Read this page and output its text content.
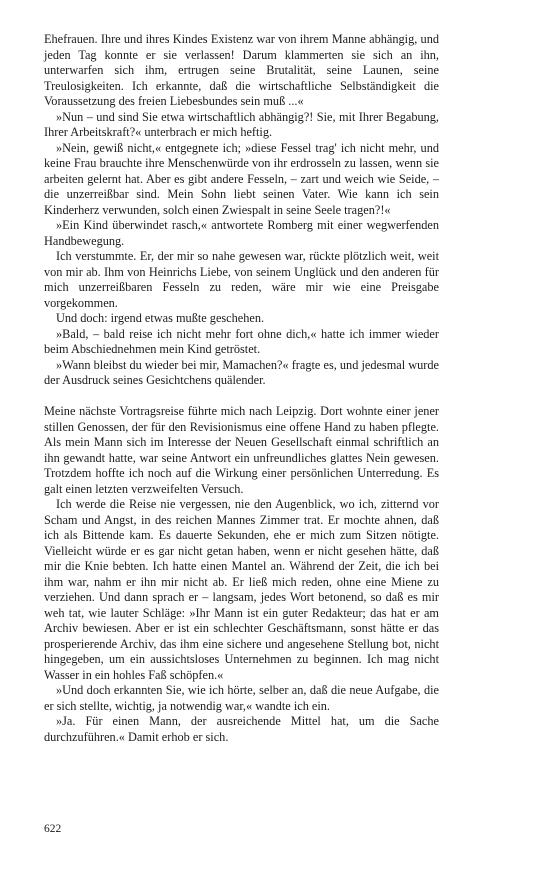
Ehefrauen. Ihre und ihres Kindes Existenz war von ihrem Manne abhängig, und jeden Tag konnte er sie verlassen! Darum klammerten sie sich an ihn, unterwarfen sich ihm, ertrugen seine Brutalität, seine Launen, seine Treulosigkeiten. Ich erkannte, daß die wirtschaftliche Selbständigkeit die Voraussetzung des freien Liebesbundes sein muß ...«

»Nun – und sind Sie etwa wirtschaftlich abhängig?! Sie, mit Ihrer Begabung, Ihrer Arbeitskraft?« unterbrach er mich heftig.

»Nein, gewiß nicht,« entgegnete ich; »diese Fessel trag' ich nicht mehr, und keine Frau brauchte ihre Menschenwürde von ihr erdrosseln zu lassen, wenn sie arbeiten gelernt hat. Aber es gibt andere Fesseln, – zart und weich wie Seide, – die unzerreißbar sind. Mein Sohn liebt seinen Vater. Wie kann ich sein Kinderherz verwunden, solch einen Zwiespalt in seine Seele tragen?!«

»Ein Kind überwindet rasch,« antwortete Romberg mit einer wegwerfenden Handbewegung.

Ich verstummte. Er, der mir so nahe gewesen war, rückte plötzlich weit, weit von mir ab. Ihm von Heinrichs Liebe, von seinem Unglück und den anderen für mich unzerreißbaren Fesseln zu reden, wäre mir wie eine Preisgabe vorgekommen.

Und doch: irgend etwas mußte geschehen.

»Bald, – bald reise ich nicht mehr fort ohne dich,« hatte ich immer wieder beim Abschiednehmen mein Kind getröstet.

»Wann bleibst du wieder bei mir, Mamachen?« fragte es, und jedesmal wurde der Ausdruck seines Gesichtchens quälender.

Meine nächste Vortragsreise führte mich nach Leipzig. Dort wohnte einer jener stillen Genossen, der für den Revisionismus eine offene Hand zu haben pflegte. Als mein Mann sich im Interesse der Neuen Gesellschaft einmal schriftlich an ihn gewandt hatte, war seine Antwort ein unfreundliches glattes Nein gewesen. Trotzdem hoffte ich noch auf die Wirkung einer persönlichen Unterredung. Es galt einen letzten verzweifelten Versuch.

Ich werde die Reise nie vergessen, nie den Augenblick, wo ich, zitternd vor Scham und Angst, in des reichen Mannes Zimmer trat. Er mochte ahnen, daß ich als Bittende kam. Es dauerte Sekunden, ehe er mich zum Sitzen nötigte. Vielleicht würde er es gar nicht getan haben, wenn er nicht gesehen hätte, daß mir die Knie bebten. Ich hatte einen Mantel an. Während der Zeit, die ich bei ihm war, nahm er ihn mir nicht ab. Er ließ mich reden, ohne eine Miene zu verziehen. Und dann sprach er – langsam, jedes Wort betonend, so daß es mir weh tat, wie lauter Schläge: »Ihr Mann ist ein guter Redakteur; das hat er am Archiv bewiesen. Aber er ist ein schlechter Geschäftsmann, sonst hätte er das prosperierende Archiv, das ihm eine sichere und angesehene Stellung bot, nicht hingegeben, um ein aussichtsloses Unternehmen zu beginnen. Ich mag nicht Wasser in ein hohles Faß schöpfen.«

»Und doch erkannten Sie, wie ich hörte, selber an, daß die neue Aufgabe, die er sich stellte, wichtig, ja notwendig war,« wandte ich ein.

»Ja. Für einen Mann, der ausreichende Mittel hat, um die Sache durchzuführen.« Damit erhob er sich.

622
